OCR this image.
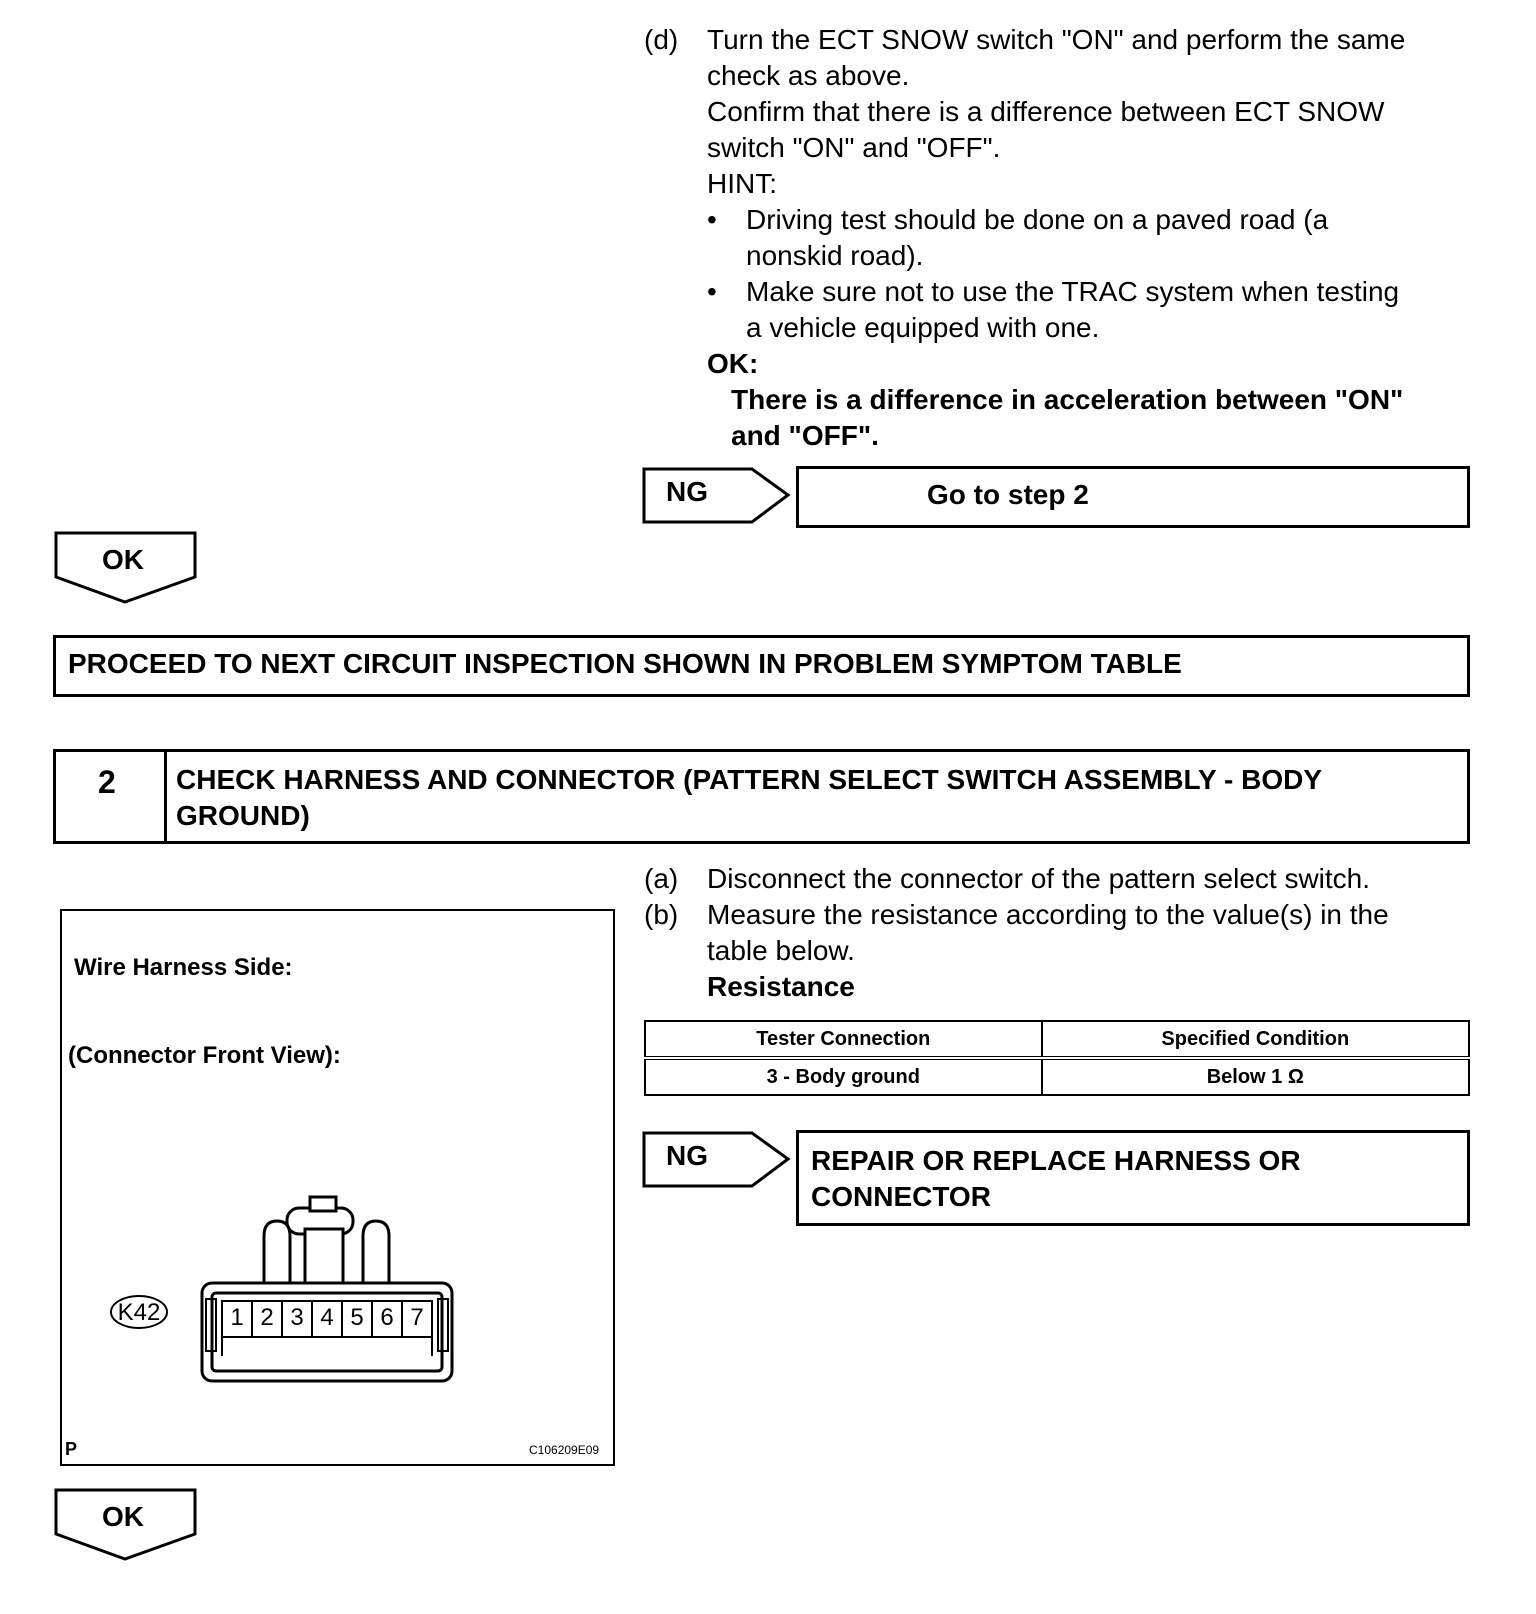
(d) Turn the ECT SNOW switch "ON" and perform the same
check as above.
Confirm that there is a difference between ECT SNOW
switch "ON" and "OFF".
HINT:
• Driving test should be done on a paved road (a
nonskid road).
• Make sure not to use the TRAC system when testing
a vehicle equipped with one.
OK:
There is a difference in acceleration between "ON"
and "OFF".
NG	Go to step 2
OK
PROCEED TO NEXT CIRCUIT INSPECTION SHOWN IN PROBLEM SYMPTOM TABLE
2 CHECK HARNESS AND CONNECTOR (PATTERN SELECT SWITCH ASSEMBLY - BODY
GROUND)
(a) Disconnect the connector of the pattern select switch.
(b) Measure the resistance according to the value(s) in the
table below.
Resistance
Tester Connection	Specified Condition
3 - Body ground	Below 1 Ω
Wire Harness Side:
(Connector Front View):
K42	1 2 3 4 5 6 7
P	C106209E09
NG	REPAIR OR REPLACE HARNESS OR
CONNECTOR
OK
